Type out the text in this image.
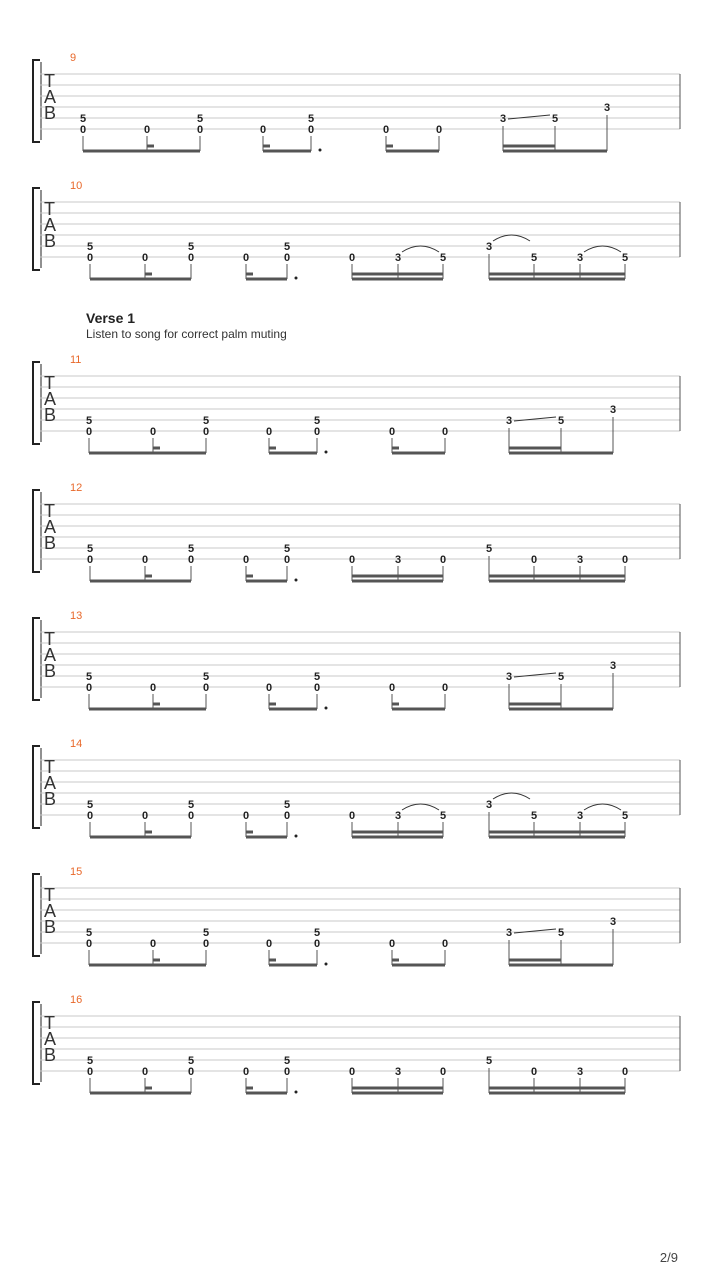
Verse 1
Listen to song for correct palm muting
2/9
9
T
A
B 5
0	0
5
0	0
5
0	0	0
3	5
3
10
T
A
B	5
0	0
5
0	0
5
0	0	3	5
3
5	3	5
11
T
A
B	5
0	0
5
0	0
5
0	0	0
3	5
3
12
T
A
B	5
0	0
5
0	0
5
0	0	3	0
5
0	3	0
13
T
A
B	5
0	0
5
0	0
5
0	0	0
3	5
3
14
T
A
B	5
0	0
5
0	0
5
0	0	3	5
3
5	3	5
15
T
A
B	5
0	0
5
0	0
5
0	0	0
3	5
3
16
T
A
B	5
0	0
5
0	0
5
0	0	3	0
5
0	3	0
